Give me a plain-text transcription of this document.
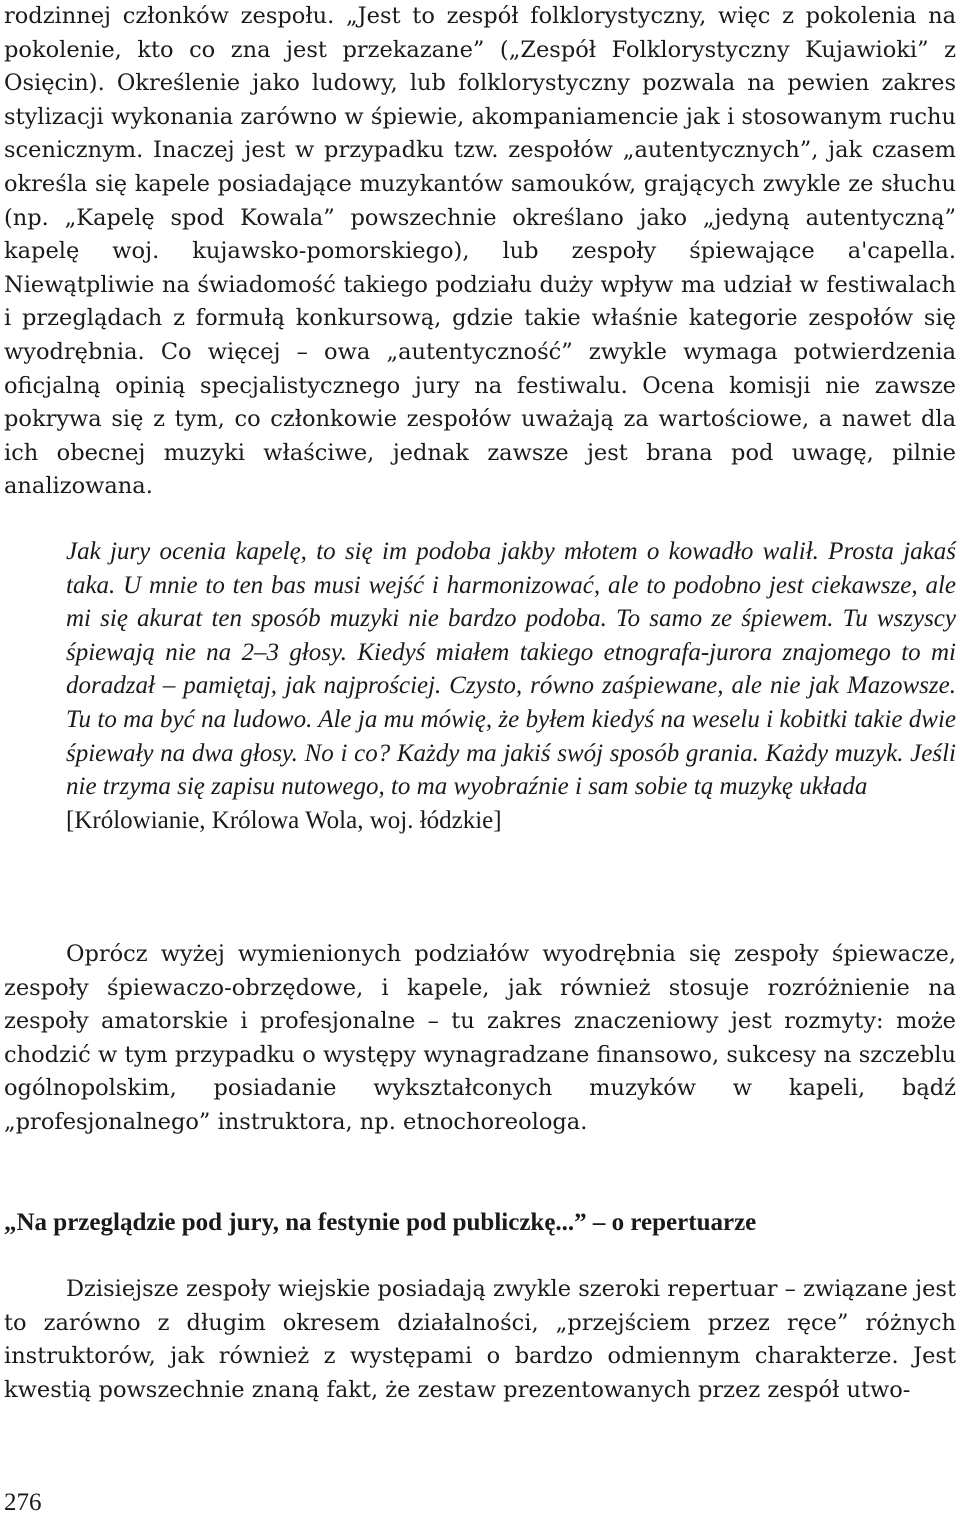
rodzinnej członków zespołu. „Jest to zespół folklorystyczny, więc z pokolenia na pokolenie, kto co zna jest przekazane” („Zespół Folklorystyczny Kujawioki” z Osięcin). Określenie jako ludowy, lub folklorystyczny pozwala na pewien zakres stylizacji wykonania zarówno w śpiewie, akompaniamencie jak i stosowanym ruchu scenicznym. Inaczej jest w przypadku tzw. zespołów „autentycznych”, jak czasem określa się kapele posiadające muzykantów samouków, grających zwykle ze słuchu (np. „Kapelę spod Kowala” powszechnie określano jako „jedyną autentyczną” kapelę woj. kujawsko-pomorskiego), lub zespoły śpiewające a'capella. Niewątpliwie na świadomość takiego podziału duży wpływ ma udział w festiwalach i przeglądach z formułą konkursową, gdzie takie właśnie kategorie zespołów się wyodrębnia. Co więcej – owa „autentyczność” zwykle wymaga potwierdzenia oficjalną opinią specjalistycznego jury na festiwalu. Ocena komisji nie zawsze pokrywa się z tym, co członkowie zespołów uważają za wartościowe, a nawet dla ich obecnej muzyki właściwe, jednak zawsze jest brana pod uwagę, pilnie analizowana.

Jak jury ocenia kapelę, to się im podoba jakby młotem o kowadło walił. Prosta jakaś taka. U mnie to ten bas musi wejść i harmonizować, ale to podobno jest ciekawsze, ale mi się akurat ten sposób muzyki nie bardzo podoba. To samo ze śpiewem. Tu wszyscy śpiewają nie na 2–3 głosy. Kiedyś miałem takiego etnografa-jurora znajomego to mi doradzał – pamiętaj, jak najprościej. Czysto, równo zaśpiewane, ale nie jak Mazowsze. Tu to ma być na ludowo. Ale ja mu mówię, że byłem kiedyś na weselu i kobitki takie dwie śpiewały na dwa głosy. No i co? Każdy ma jakiś swój sposób grania. Każdy muzyk. Jeśli nie trzyma się zapisu nutowego, to ma wyobraźnie i sam sobie tą muzykę układa
[Królowianie, Królowa Wola, woj. łódzkie]

Oprócz wyżej wymienionych podziałów wyodrębnia się zespoły śpiewacze, zespoły śpiewaczo-obrzędowe, i kapele, jak również stosuje rozróżnienie na zespoły amatorskie i profesjonalne – tu zakres znaczeniowy jest rozmyty: może chodzić w tym przypadku o występy wynagradzane finansowo, sukcesy na szczeblu ogólnopolskim, posiadanie wykształconych muzyków w kapeli, bądź „profesjonalnego” instruktora, np. etnochoreologa.

„Na przeglądzie pod jury, na festynie pod publiczkę...” – o repertuarze

Dzisiejsze zespoły wiejskie posiadają zwykle szeroki repertuar – związane jest to zarówno z długim okresem działalności, „przejściem przez ręce” różnych instruktorów, jak również z występami o bardzo odmiennym charakterze. Jest kwestią powszechnie znaną fakt, że zestaw prezentowanych przez zespół utwo-

276
